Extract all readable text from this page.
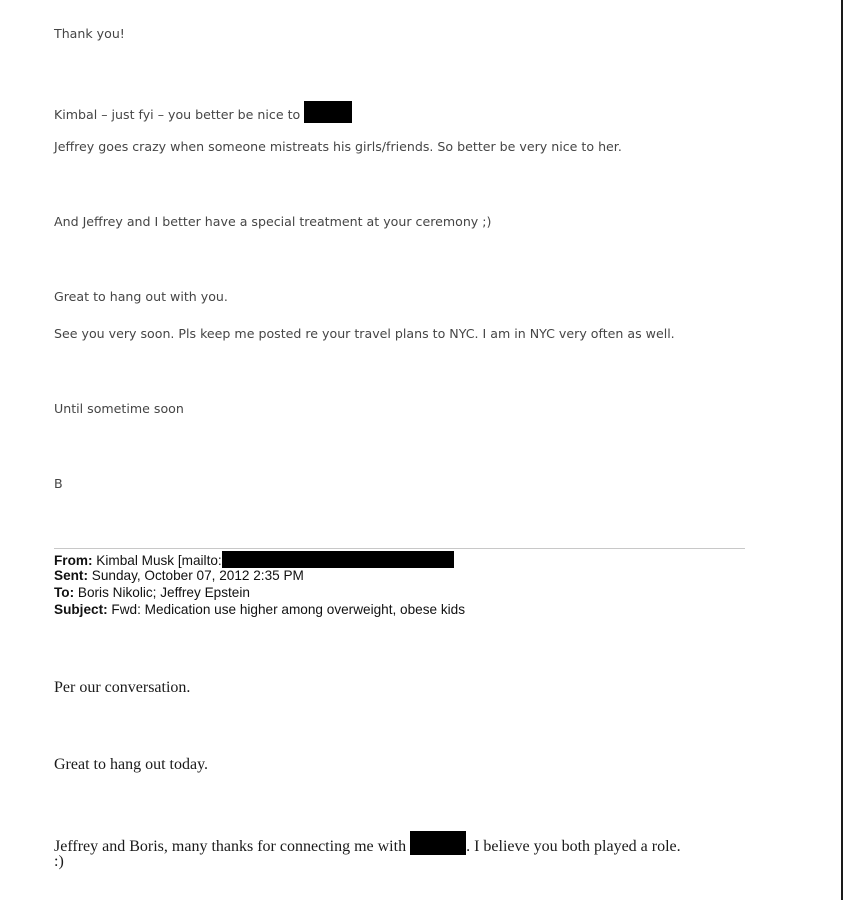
Thank you!
Kimbal – just fyi – you better be nice to
Jeffrey goes crazy when someone mistreats his girls/friends. So better be very nice to her.
And Jeffrey and I better have a special treatment at your ceremony ;)
Great to hang out with you.
See you very soon. Pls keep me posted re your travel plans to NYC. I am in NYC very often as well.
Until sometime soon
B
From: Kimbal Musk [mailto:
Sent: Sunday, October 07, 2012 2:35 PM
To: Boris Nikolic; Jeffrey Epstein
Subject: Fwd: Medication use higher among overweight, obese kids
Per our conversation.
Great to hang out today.
Jeffrey and Boris, many thanks for connecting me with	. I believe you both played a role.
:)
